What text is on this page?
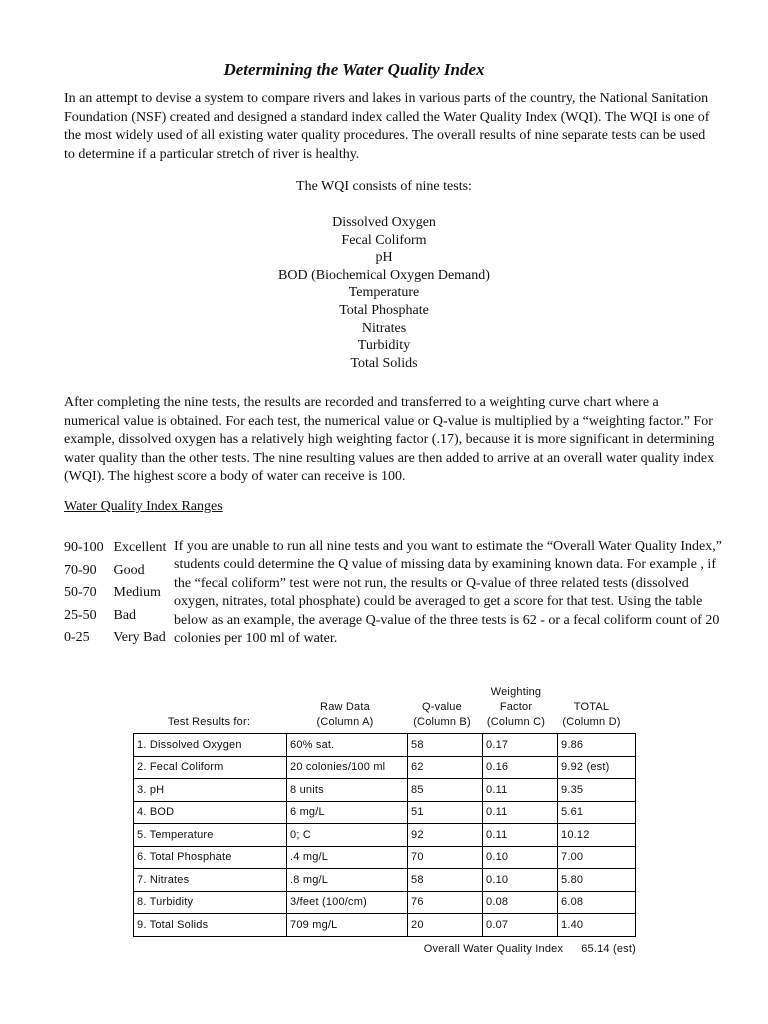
Determining the Water Quality Index

In an attempt to devise a system to compare rivers and lakes in various parts of the country, the National Sanitation Foundation (NSF) created and designed a standard index called the Water Quality Index (WQI). The WQI is one of the most widely used of all existing water quality procedures. The overall results of nine separate tests can be used to determine if a particular stretch of river is healthy.

The WQI consists of nine tests:
Dissolved Oxygen
Fecal Coliform
pH
BOD (Biochemical Oxygen Demand)
Temperature
Total Phosphate
Nitrates
Turbidity
Total Solids

After completing the nine tests, the results are recorded and transferred to a weighting curve chart where a numerical value is obtained. For each test, the numerical value or Q-value is multiplied by a “weighting factor.” For example, dissolved oxygen has a relatively high weighting factor (.17), because it is more significant in determining water quality than the other tests. The nine resulting values are then added to arrive at an overall water quality index (WQI). The highest score a body of water can receive is 100.

Water Quality Index Ranges
90-100 Excellent
70-90 Good
50-70 Medium
25-50 Bad
0-25 Very Bad

If you are unable to run all nine tests and you want to estimate the “Overall Water Quality Index,” students could determine the Q value of missing data by examining known data. For example , if the “fecal coliform” test were not run, the results or Q-value of three related tests (dissolved oxygen, nitrates, total phosphate) could be averaged to get a score for that test. Using the table below as an example, the average Q-value of the three tests is 62 - or a fecal coliform count of 20 colonies per 100 ml of water.

Test Results for:
Raw Data
(Column A)
Q-value
(Column B)
Weighting
Factor
(Column C)
TOTAL
(Column D)
1. Dissolved Oxygen	60% sat.	58	0.17	9.86
2. Fecal Coliform	20 colonies/100 ml	62	0.16	9.92 (est)
3. pH	8 units	85	0.11	9.35
4. BOD	6 mg/L	51	0.11	5.61
5. Temperature	0; C	92	0.11	10.12
6. Total Phosphate	.4 mg/L	70	0.10	7.00
7. Nitrates	.8 mg/L	58	0.10	5.80
8. Turbidity	3/feet (100/cm)	76	0.08	6.08
9. Total Solids	709 mg/L	20	0.07	1.40
Overall Water Quality Index 65.14 (est)
